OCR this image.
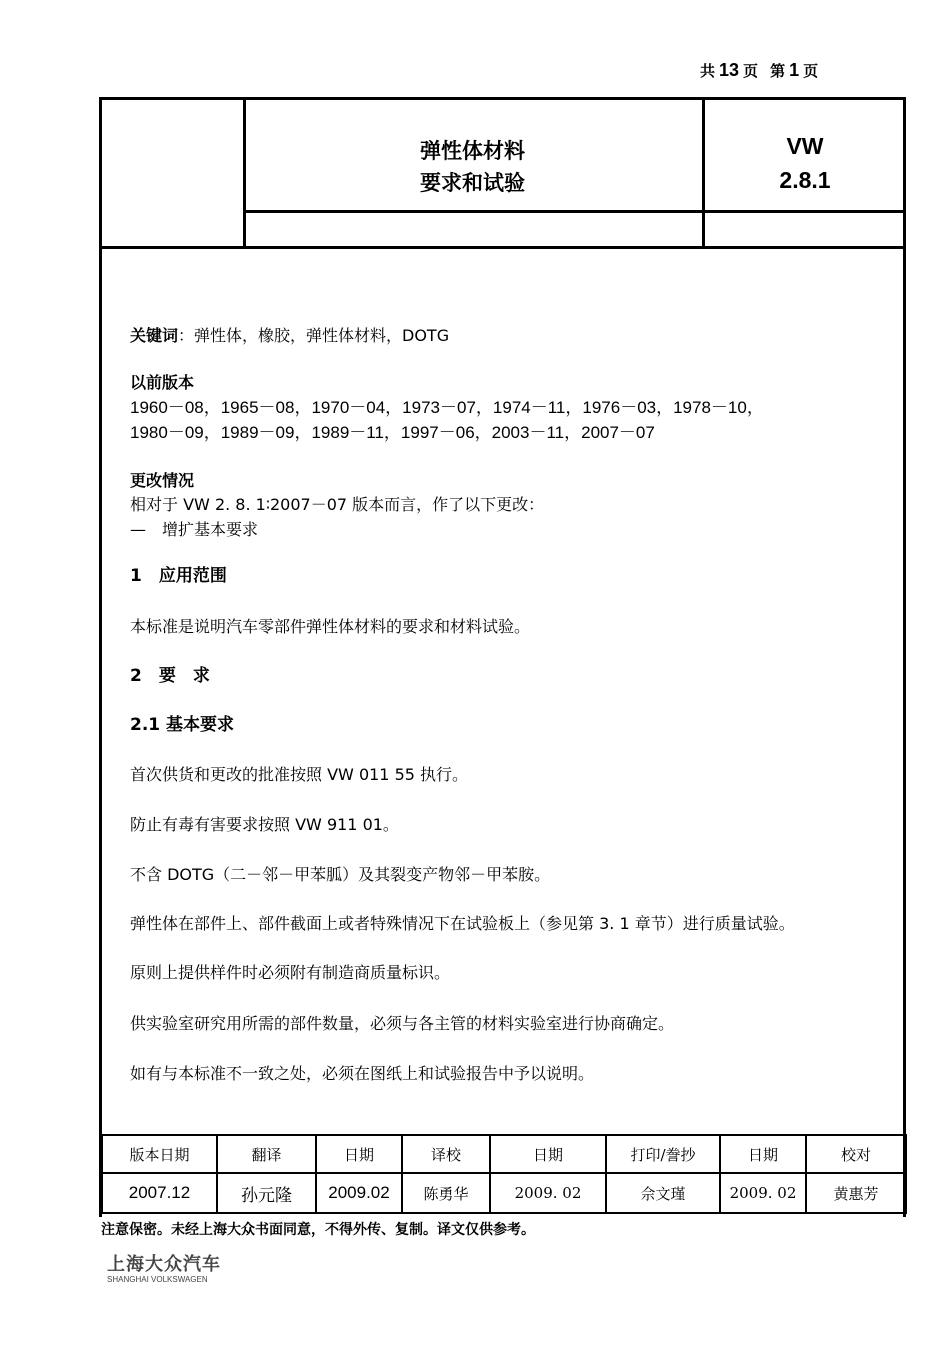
共 13 页 第 1 页
弹性体材料
要求和试验
VW
2.8.1
关键词：弹性体，橡胶，弹性体材料，DOTG
以前版本
1960－08，1965－08，1970－04，1973－07，1974－11，1976－03，1978－10，
1980－09，1989－09，1989－11，1997－06，2003－11，2007－07
更改情况
相对于 VW 2. 8. 1∶2007－07 版本而言，作了以下更改：
—　增扩基本要求
1　应用范围
本标准是说明汽车零部件弹性体材料的要求和材料试验。
2　要　求
2.1 基本要求
首次供货和更改的批准按照 VW 011 55 执行。
防止有毒有害要求按照 VW 911 01。
不含 DOTG（二－邻－甲苯胍）及其裂变产物邻－甲苯胺。
弹性体在部件上、部件截面上或者特殊情况下在试验板上（参见第 3. 1 章节）进行质量试验。
原则上提供样件时必须附有制造商质量标识。
供实验室研究用所需的部件数量，必须与各主管的材料实验室进行协商确定。
如有与本标准不一致之处，必须在图纸上和试验报告中予以说明。
版本日期	翻译	日期	译校	日期	打印/誊抄	日期	校对
2007.12	孙元隆	2009.02	陈勇华	2009. 02	佘文瑾	2009. 02	黄惠芳
注意保密。未经上海大众书面同意，不得外传、复制。译文仅供参考。
上海大众汽车
SHANGHAI VOLKSWAGEN
